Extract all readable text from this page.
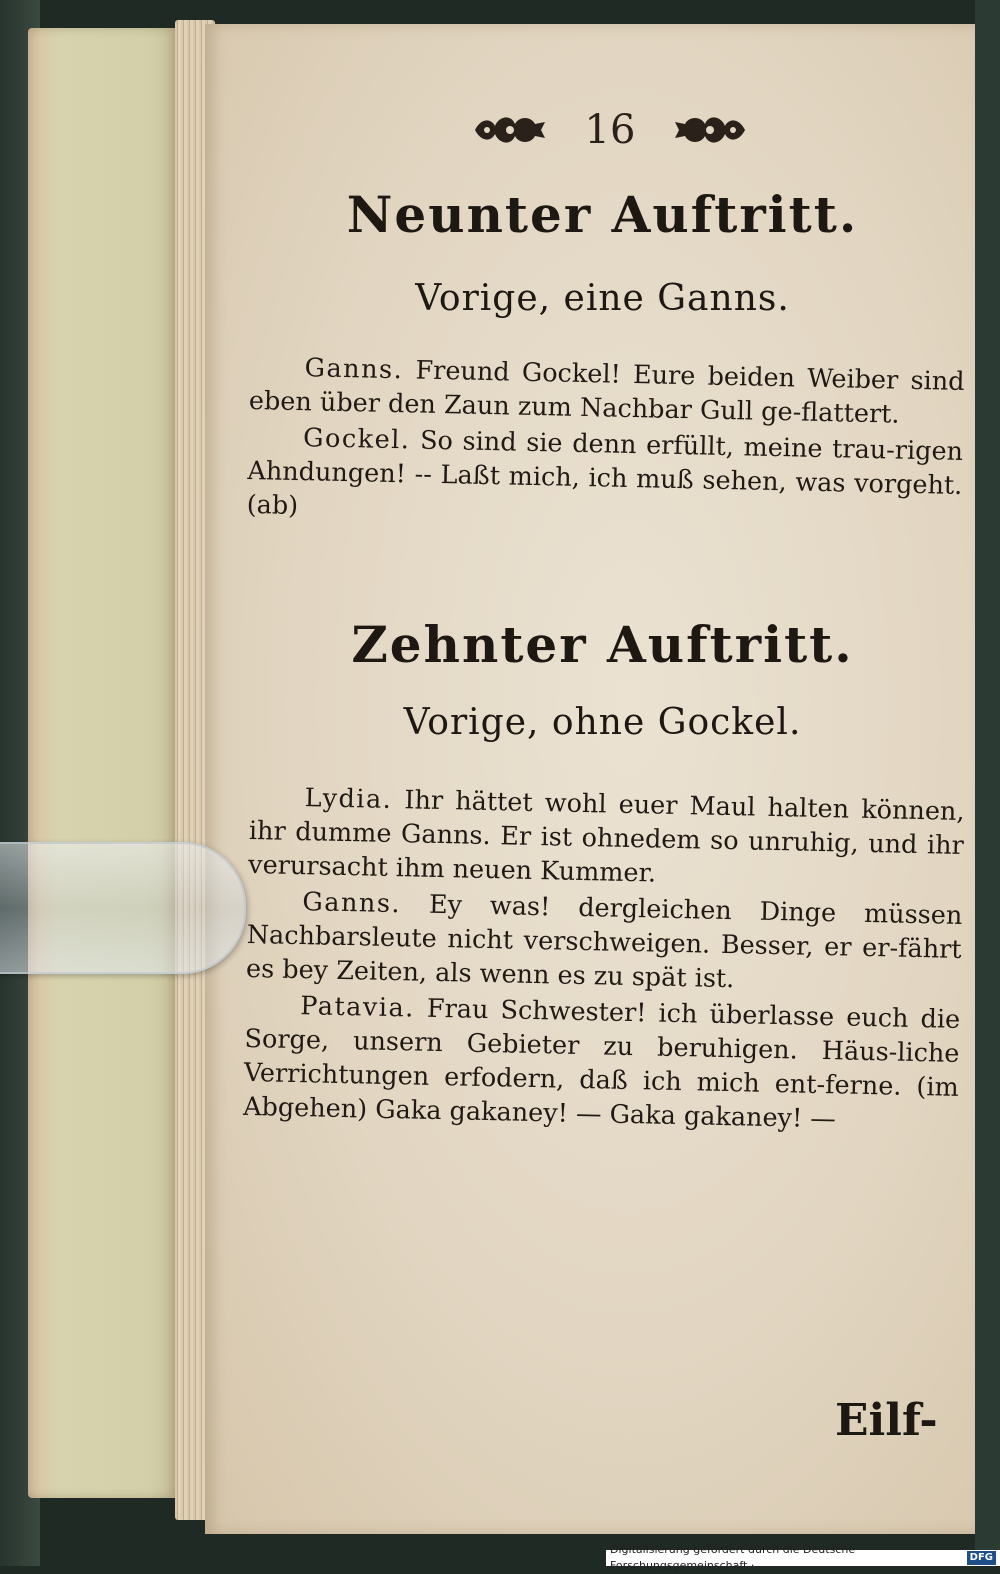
16
Neunter Auftritt.
Vorige, eine Ganns.

Ganns. Freund Gockel! Eure beiden Weiber sind eben über den Zaun zum Nachbar Gull ge-flattert.

Gockel. So sind sie denn erfüllt, meine trau-rigen Ahndungen! -- Laßt mich, ich muß sehen, was vorgeht. (ab)

Zehnter Auftritt.
Vorige, ohne Gockel.

Lydia. Ihr hättet wohl euer Maul halten können, ihr dumme Ganns. Er ist ohnedem so unruhig, und ihr verursacht ihm neuen Kummer.

Ganns. Ey was! dergleichen Dinge müssen Nachbarsleute nicht verschweigen. Besser, er er-fährt es bey Zeiten, als wenn es zu spät ist.

Patavia. Frau Schwester! ich überlasse euch die Sorge, unsern Gebieter zu beruhigen. Häus-liche Verrichtungen erfodern, daß ich mich ent-ferne. (im Abgehen) Gaka gakaney! — Gaka gakaney! —

Eilf-
Digitalisierung gefördert durch die Deutsche Forschungsgemeinschaft ·
DFG
